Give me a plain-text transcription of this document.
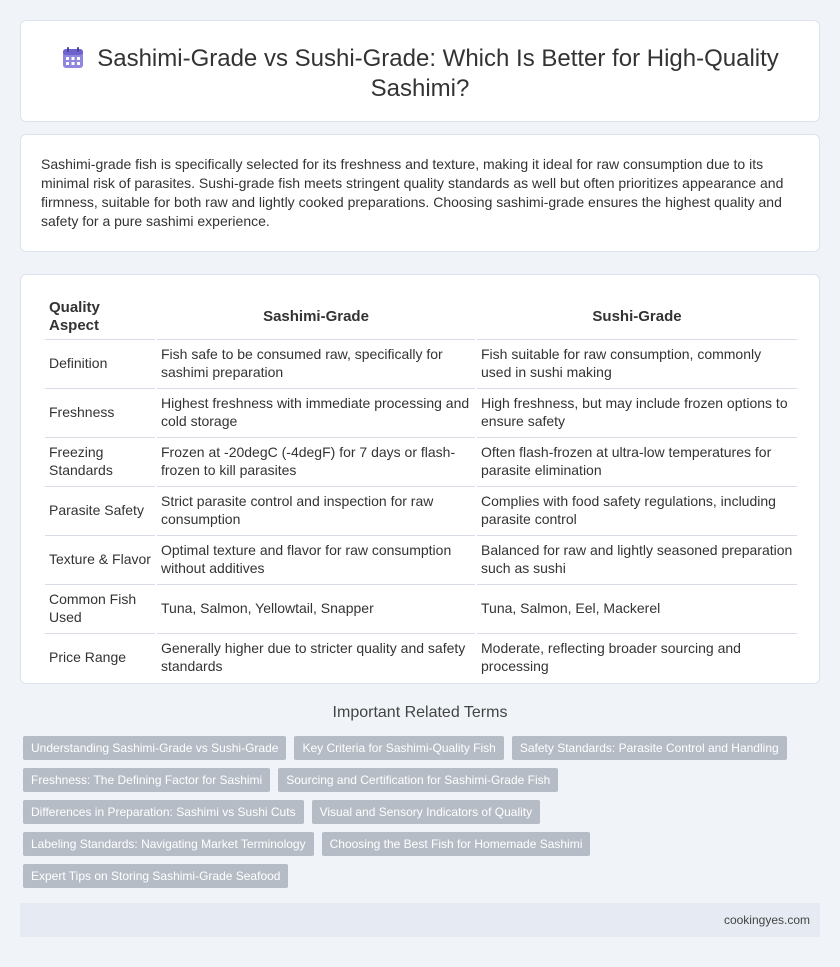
Sashimi-Grade vs Sushi-Grade: Which Is Better for High-Quality Sashimi?

Sashimi-grade fish is specifically selected for its freshness and texture, making it ideal for raw consumption due to its minimal risk of parasites. Sushi-grade fish meets stringent quality standards as well but often prioritizes appearance and firmness, suitable for both raw and lightly cooked preparations. Choosing sashimi-grade ensures the highest quality and safety for a pure sashimi experience.

Quality Aspect	Sashimi-Grade	Sushi-Grade
Definition	Fish safe to be consumed raw, specifically for sashimi preparation	Fish suitable for raw consumption, commonly used in sushi making
Freshness	Highest freshness with immediate processing and cold storage	High freshness, but may include frozen options to ensure safety
Freezing Standards	Frozen at -20degC (-4degF) for 7 days or flash-frozen to kill parasites	Often flash-frozen at ultra-low temperatures for parasite elimination
Parasite Safety	Strict parasite control and inspection for raw consumption	Complies with food safety regulations, including parasite control
Texture & Flavor	Optimal texture and flavor for raw consumption without additives	Balanced for raw and lightly seasoned preparation such as sushi
Common Fish Used	Tuna, Salmon, Yellowtail, Snapper	Tuna, Salmon, Eel, Mackerel
Price Range	Generally higher due to stricter quality and safety standards	Moderate, reflecting broader sourcing and processing
Important Related Terms
Understanding Sashimi-Grade vs Sushi-Grade	Key Criteria for Sashimi-Quality Fish	Safety Standards: Parasite Control and Handling
Freshness: The Defining Factor for Sashimi	Sourcing and Certification for Sashimi-Grade Fish
Differences in Preparation: Sashimi vs Sushi Cuts	Visual and Sensory Indicators of Quality
Labeling Standards: Navigating Market Terminology	Choosing the Best Fish for Homemade Sashimi
Expert Tips on Storing Sashimi-Grade Seafood
cookingyes.com
